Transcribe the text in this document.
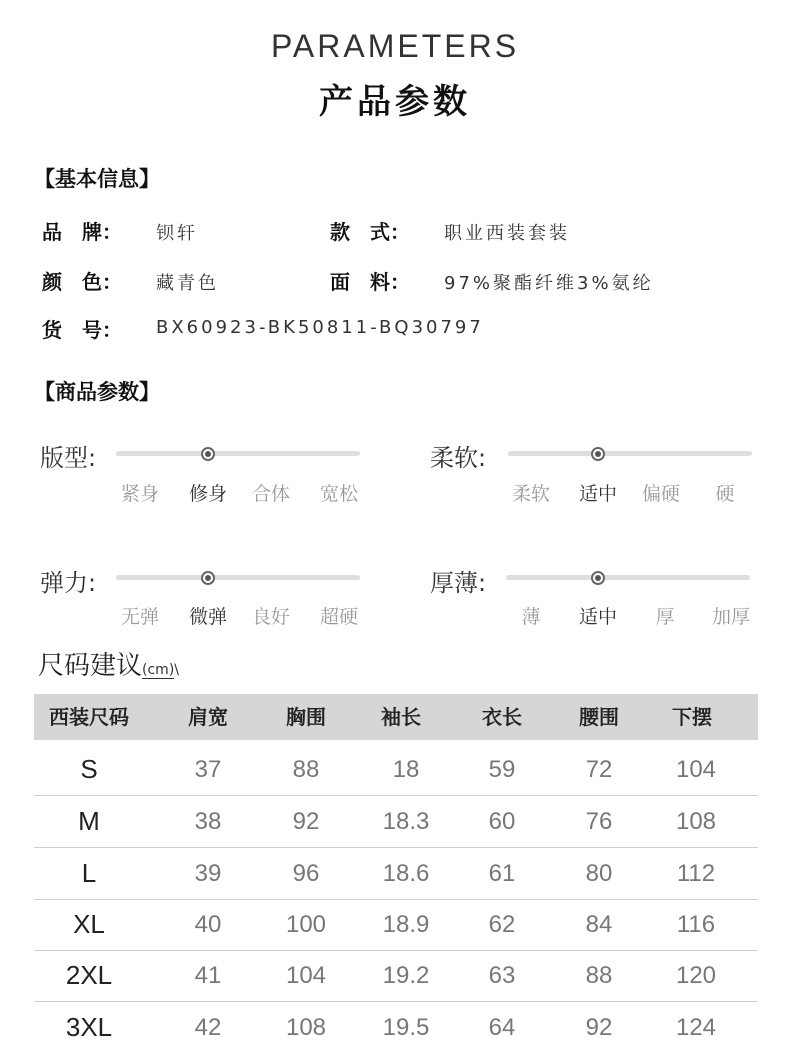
PARAMETERS
产品参数
【基本信息】
品　牌： 钡轩	款　式： 职业西装套装
颜　色： 藏青色	面　料： 97%聚酯纤维3%氨纶
货　号： BX60923-BK50811-BQ30797
【商品参数】
版型:
紧身	修身	合体	宽松
柔软:
柔软	适中	偏硬	硬
弹力:
无弹	微弹	良好	超硬
厚薄:
薄	适中	厚	加厚
尺码建议(cm)\
西装尺码	肩宽	胸围	袖长	衣长	腰围	下摆
S	37	88	18	59	72	104
M	38	92	18.3	60	76	108
L	39	96	18.6	61	80	112
XL	40	100	18.9	62	84	116
2XL	41	104	19.2	63	88	120
3XL	42	108	19.5	64	92	124
